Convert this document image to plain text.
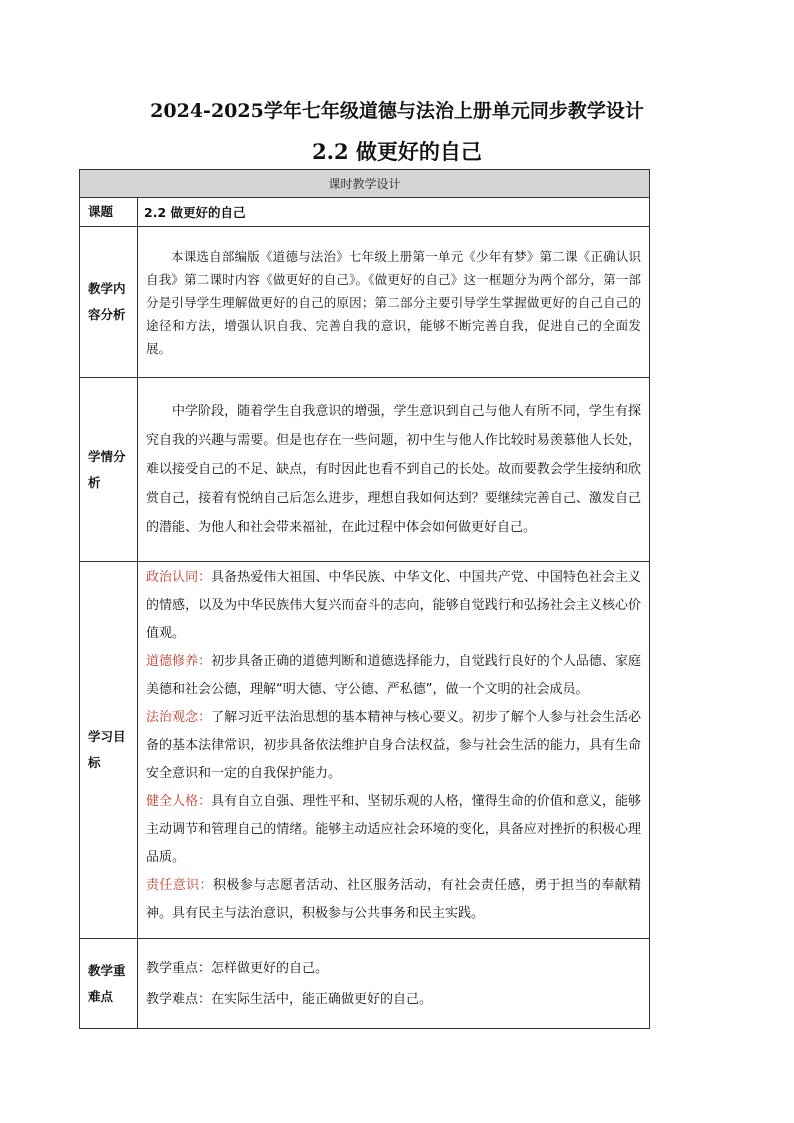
2024-2025学年七年级道德与法治上册单元同步教学设计
2.2 做更好的自己
课时教学设计	
课题	2.2 做更好的自己
教学内容分析	本课选自部编版《道德与法治》七年级上册第一单元《少年有梦》第二课《正确认识自我》第二课时内容《做更好的自己》。《做更好的自己》这一框题分为两个部分，第一部分是引导学生理解做更好的自己的原因；第二部分主要引导学生掌握做更好的自己自己的途径和方法，增强认识自我、完善自我的意识，能够不断完善自我，促进自己的全面发展。

学情分析	中学阶段，随着学生自我意识的增强，学生意识到自己与他人有所不同，学生有探究自我的兴趣与需要。但是也存在一些问题，初中生与他人作比较时易羡慕他人长处，难以接受自己的不足、缺点，有时因此也看不到自己的长处。故而要教会学生接纳和欣赏自己，接着有悦纳自己后怎么进步，理想自我如何达到？要继续完善自己、激发自己的潜能、为他人和社会带来福祉，在此过程中体会如何做更好自己。

学习目标	政治认同：具备热爱伟大祖国、中华民族、中华文化、中国共产党、中国特色社会主义的情感，以及为中华民族伟大复兴而奋斗的志向，能够自觉践行和弘扬社会主义核心价值观。

道德修养：初步具备正确的道德判断和道德选择能力，自觉践行良好的个人品德、家庭美德和社会公德，理解“明大德、守公德、严私德”，做一个文明的社会成员。

法治观念：了解习近平法治思想的基本精神与核心要义。初步了解个人参与社会生活必备的基本法律常识，初步具备依法维护自身合法权益，参与社会生活的能力，具有生命安全意识和一定的自我保护能力。

健全人格：具有自立自强、理性平和、坚韧乐观的人格，懂得生命的价值和意义，能够主动调节和管理自己的情绪。能够主动适应社会环境的变化，具备应对挫折的积极心理品质。

责任意识：积极参与志愿者活动、社区服务活动，有社会责任感，勇于担当的奉献精神。具有民主与法治意识，积极参与公共事务和民主实践。

教学重难点	教学重点：怎样做更好的自己。

教学难点：在实际生活中，能正确做更好的自己。
